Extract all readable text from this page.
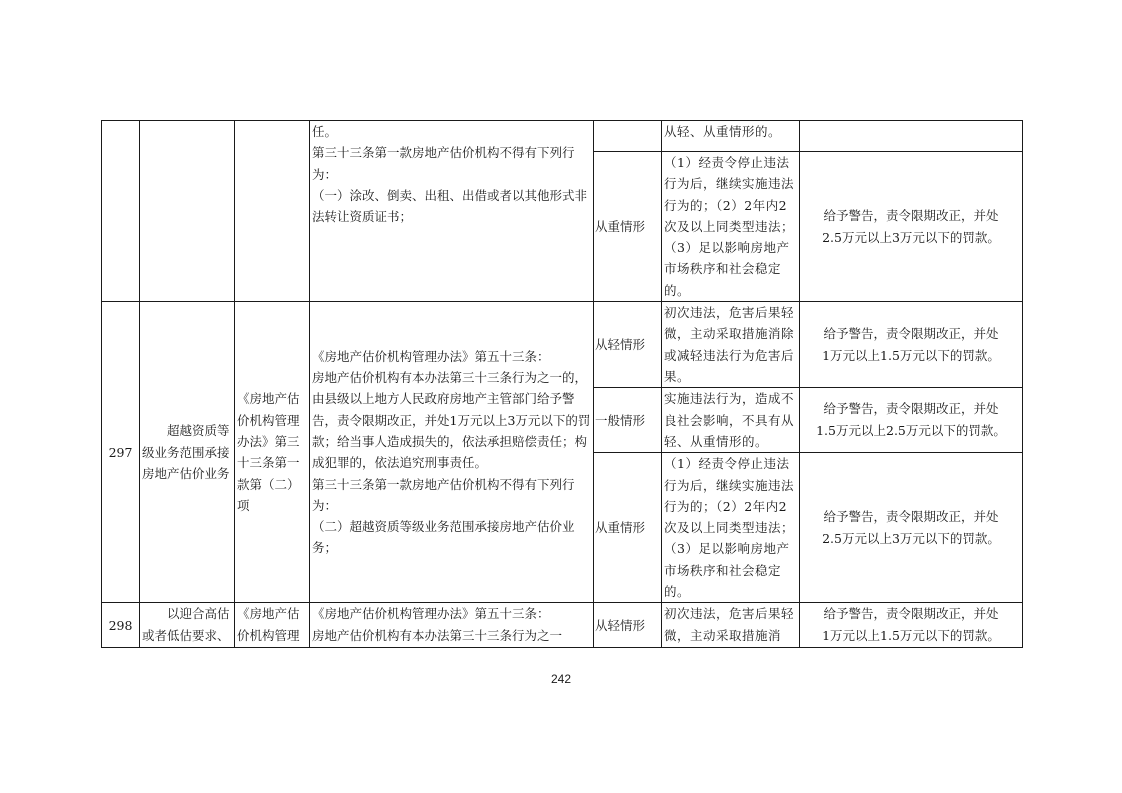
			任。
第三十三条第一款房地产估价机构不得有下列行为：
（一）涂改、倒卖、出租、出借或者以其他形式非法转让资质证书；		从轻、从重情形的。	
				从重情形	（1）经责令停止违法行为后，继续实施违法行为的；（2）2年内2次及以上同类型违法；（3）足以影响房地产市场秩序和社会稳定的。	给予警告，责令限期改正，并处
2.5万元以上3万元以下的罚款。
297	超越资质等级业务范围承接房地产估价业务	《房地产估价机构管理办法》第三十三条第一款第（二）项	《房地产估价机构管理办法》第五十三条：
房地产估价机构有本办法第三十三条行为之一的，由县级以上地方人民政府房地产主管部门给予警告，责令限期改正，并处1万元以上3万元以下的罚款；给当事人造成损失的，依法承担赔偿责任；构成犯罪的，依法追究刑事责任。
第三十三条第一款房地产估价机构不得有下列行为：
（二）超越资质等级业务范围承接房地产估价业务；	从轻情形	初次违法，危害后果轻微，主动采取措施消除或减轻违法行为危害后果。	给予警告，责令限期改正，并处
1万元以上1.5万元以下的罚款。
				一般情形	实施违法行为，造成不良社会影响，不具有从轻、从重情形的。	给予警告，责令限期改正，并处
1.5万元以上2.5万元以下的罚款。
				从重情形	（1）经责令停止违法行为后，继续实施违法行为的；（2）2年内2次及以上同类型违法；（3）足以影响房地产市场秩序和社会稳定的。	给予警告，责令限期改正，并处
2.5万元以上3万元以下的罚款。
298	以迎合高估或者低估要求、	《房地产估价机构管理	《房地产估价机构管理办法》第五十三条：
房地产估价机构有本办法第三十三条行为之一	从轻情形	初次违法，危害后果轻微，主动采取措施消	给予警告，责令限期改正，并处
1万元以上1.5万元以下的罚款。
242
